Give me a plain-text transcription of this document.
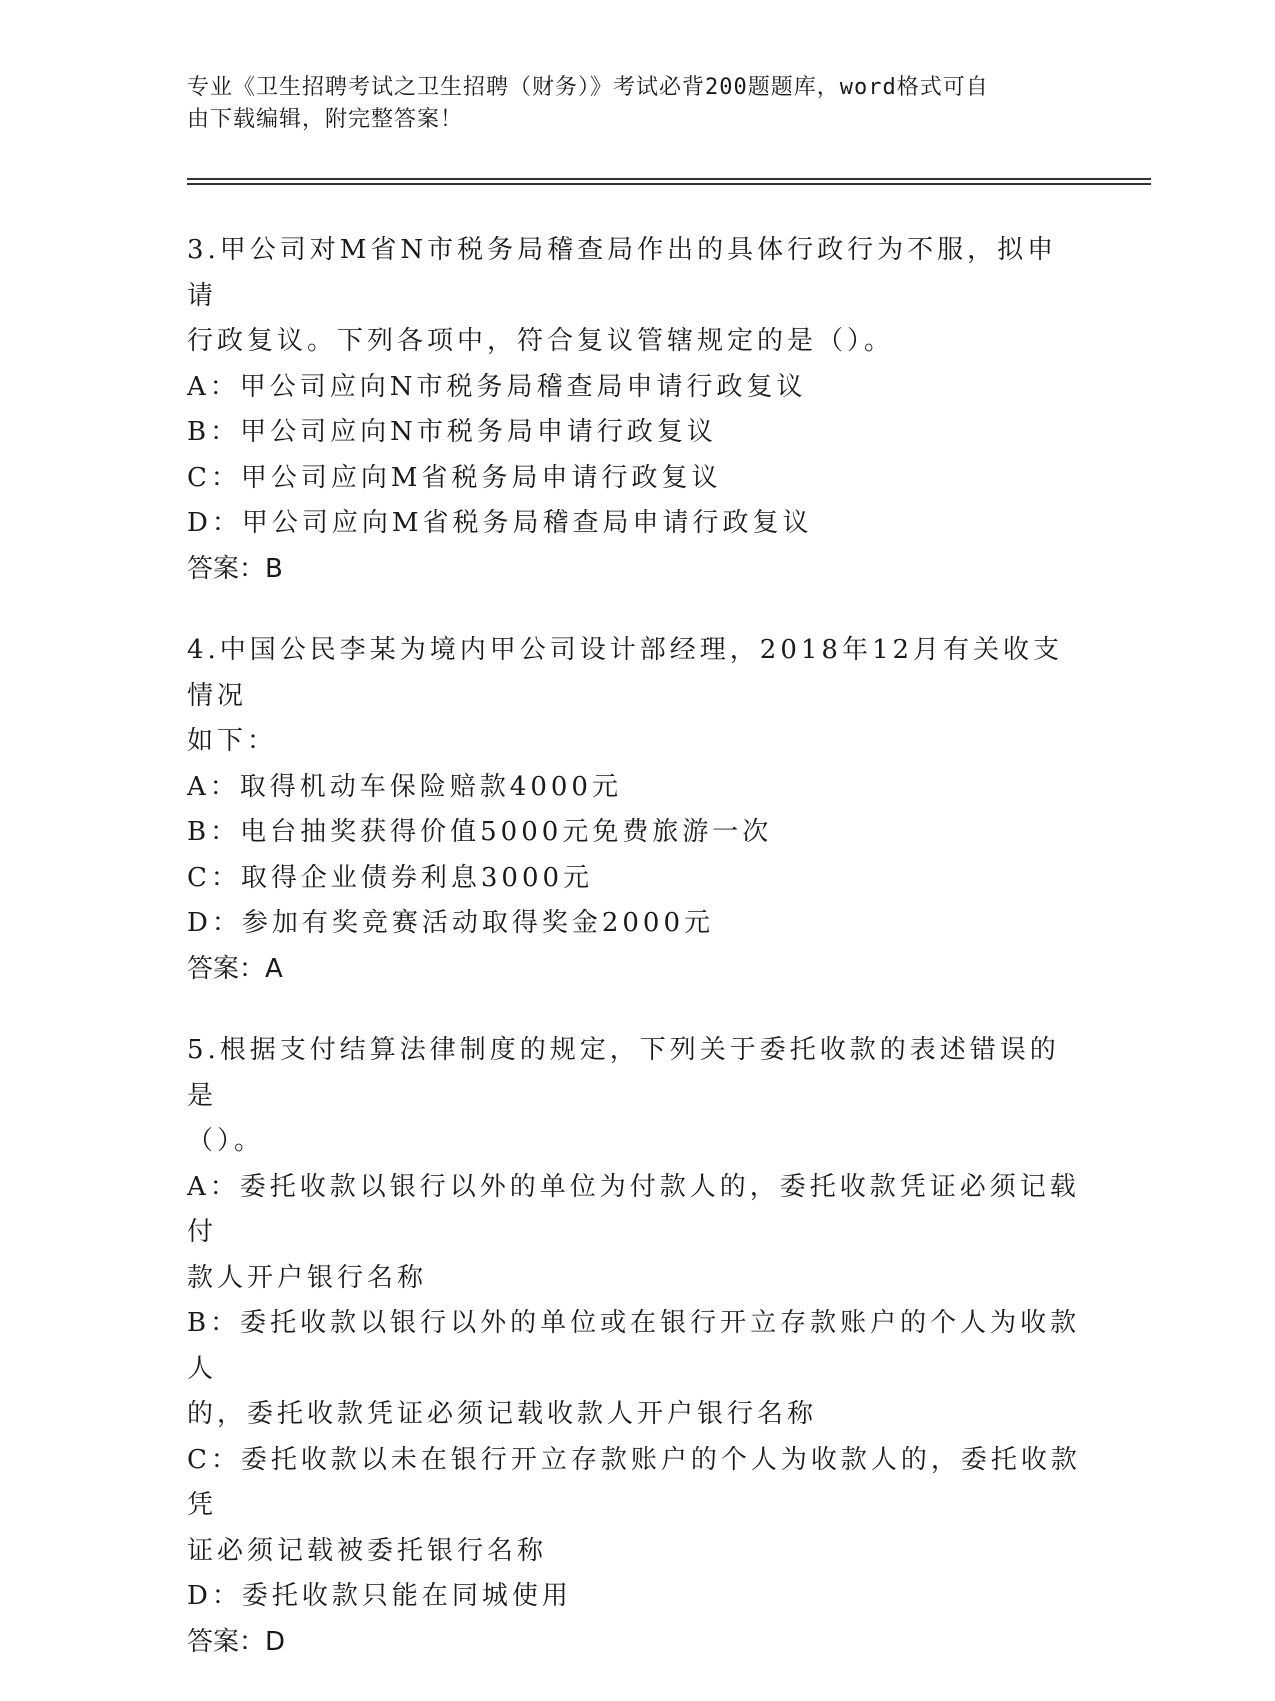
专业《卫生招聘考试之卫生招聘（财务）》考试必背200题题库，word格式可自
由下载编辑，附完整答案！

3.甲公司对M省N市税务局稽查局作出的具体行政行为不服，拟申请

行政复议。下列各项中，符合复议管辖规定的是（）。

A：甲公司应向N市税务局稽查局申请行政复议

B：甲公司应向N市税务局申请行政复议

C：甲公司应向M省税务局申请行政复议

D：甲公司应向M省税务局稽查局申请行政复议

答案：B

4.中国公民李某为境内甲公司设计部经理，2018年12月有关收支情况

如下：

A：取得机动车保险赔款4000元

B：电台抽奖获得价值5000元免费旅游一次

C：取得企业债券利息3000元

D：参加有奖竞赛活动取得奖金2000元

答案：A

5.根据支付结算法律制度的规定，下列关于委托收款的表述错误的是

（）。

A：委托收款以银行以外的单位为付款人的，委托收款凭证必须记载付

款人开户银行名称

B：委托收款以银行以外的单位或在银行开立存款账户的个人为收款人

的，委托收款凭证必须记载收款人开户银行名称

C：委托收款以未在银行开立存款账户的个人为收款人的，委托收款凭

证必须记载被委托银行名称

D：委托收款只能在同城使用

答案：D
